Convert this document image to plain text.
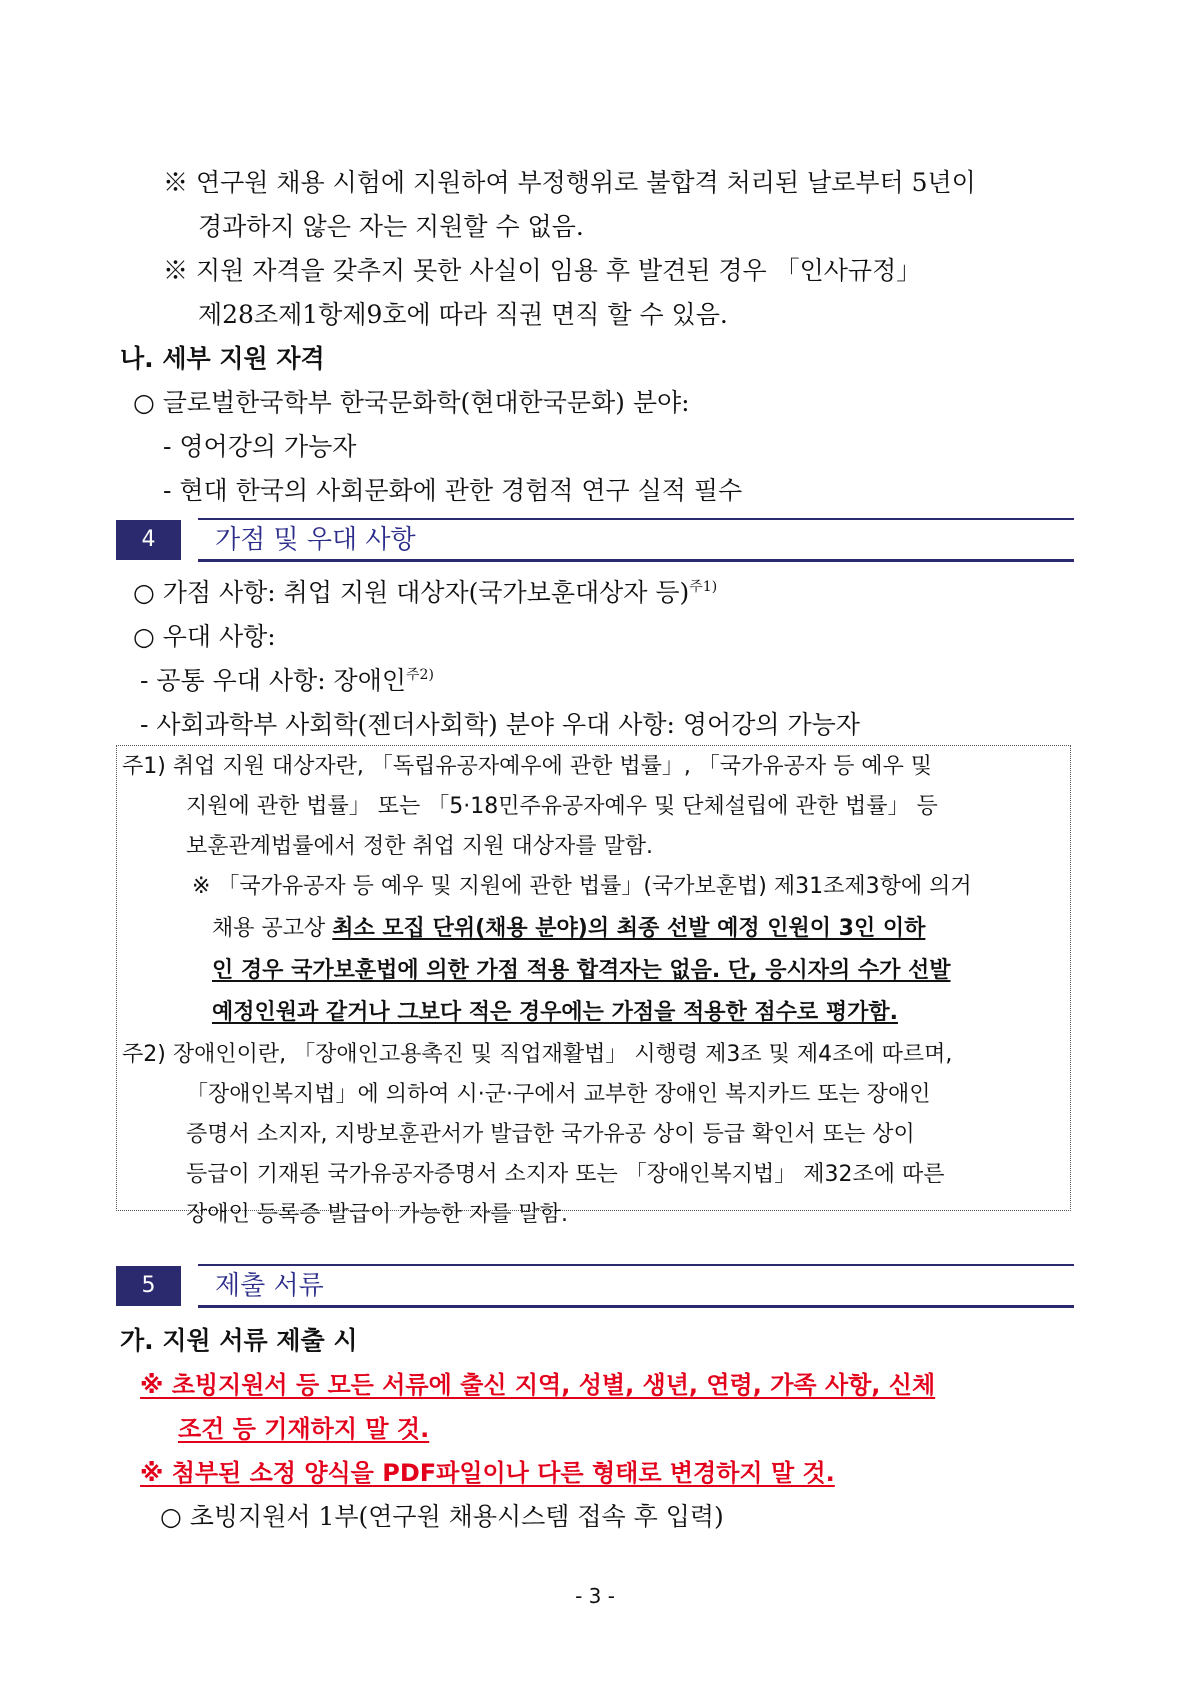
※ 연구원 채용 시험에 지원하여 부정행위로 불합격 처리된 날로부터 5년이
경과하지 않은 자는 지원할 수 없음.
※ 지원 자격을 갖추지 못한 사실이 임용 후 발견된 경우 「인사규정」
제28조제1항제9호에 따라 직권 면직 할 수 있음.
나. 세부 지원 자격
○ 글로벌한국학부 한국문화학(현대한국문화) 분야:
- 영어강의 가능자
- 현대 한국의 사회문화에 관한 경험적 연구 실적 필수
4	가점 및 우대 사항
○ 가점 사항: 취업 지원 대상자(국가보훈대상자 등)$^{주1)}$
○ 우대 사항:
- 공통 우대 사항: 장애인$^{주2)}$
- 사회과학부 사회학(젠더사회학) 분야 우대 사항: 영어강의 가능자
주1) 취업 지원 대상자란, 「독립유공자예우에 관한 법률」, 「국가유공자 등 예우 및
지원에 관한 법률」 또는 「5·18민주유공자예우 및 단체설립에 관한 법률」 등
보훈관계법률에서 정한 취업 지원 대상자를 말함.
※ 「국가유공자 등 예우 및 지원에 관한 법률」(국가보훈법) 제31조제3항에 의거
채용 공고상 최소 모집 단위(채용 분야)의 최종 선발 예정 인원이 3인 이하
인 경우 국가보훈법에 의한 가점 적용 합격자는 없음. 단, 응시자의 수가 선발
예정인원과 같거나 그보다 적은 경우에는 가점을 적용한 점수로 평가함.
주2) 장애인이란, 「장애인고용촉진 및 직업재활법」 시행령 제3조 및 제4조에 따르며,
「장애인복지법」에 의하여 시·군·구에서 교부한 장애인 복지카드 또는 장애인
증명서 소지자, 지방보훈관서가 발급한 국가유공 상이 등급 확인서 또는 상이
등급이 기재된 국가유공자증명서 소지자 또는 「장애인복지법」 제32조에 따른
장애인 등록증 발급이 가능한 자를 말함.
5	제출 서류
가. 지원 서류 제출 시
※ 초빙지원서 등 모든 서류에 출신 지역, 성별, 생년, 연령, 가족 사항, 신체
조건 등 기재하지 말 것.
※ 첨부된 소정 양식을 PDF파일이나 다른 형태로 변경하지 말 것.
○ 초빙지원서 1부(연구원 채용시스템 접속 후 입력)
- 3 -
